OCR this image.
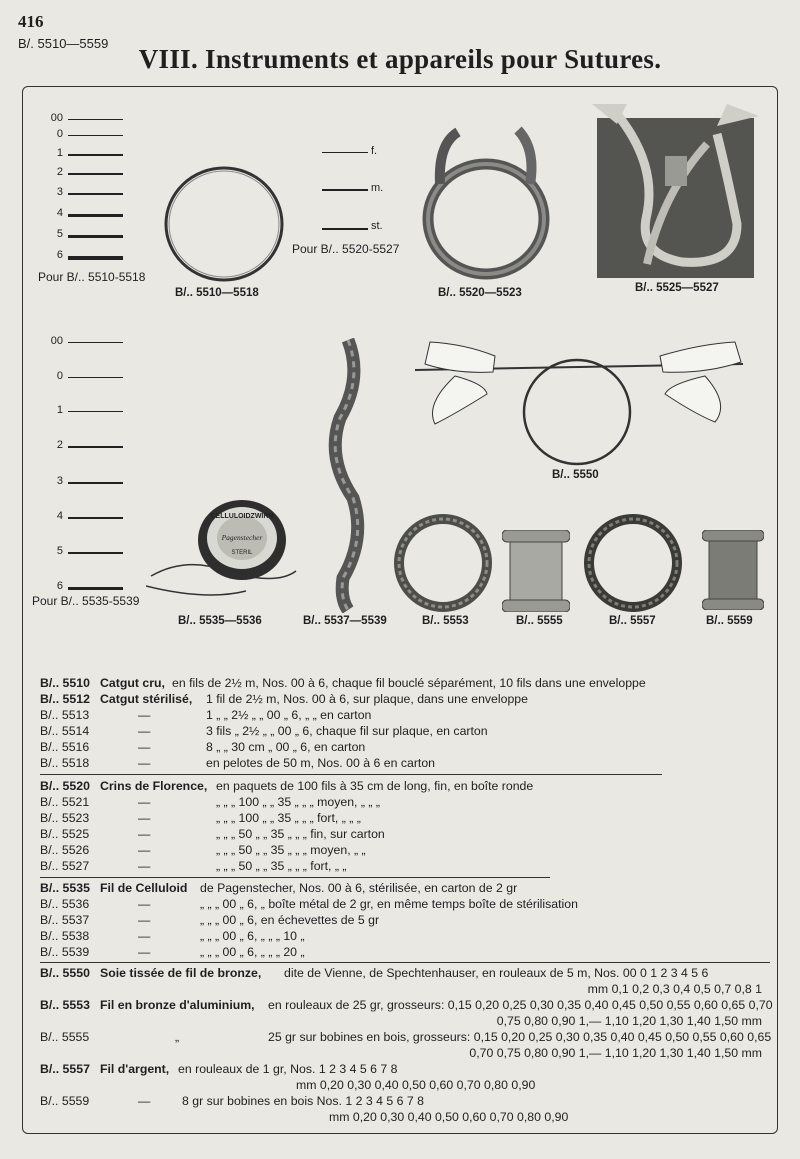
416
B/. 5510—5559
VIII. Instruments et appareils pour Sutures.
00
0
1
2
3
4
5
6
Pour B/.. 5510-5518
f.
m.
st.
Pour B/.. 5520-5527
B/.. 5510—5518	B/.. 5520—5523	B/.. 5525—5527
00
0
1
2
3
4
5
6
Pour B/.. 5535-5539
B/.. 5550
CELLULOIDZWIRN
Pagenstecher
STERIL
B/.. 5535—5536	B/.. 5537—5539	B/.. 5553	B/.. 5555	B/.. 5557	B/.. 5559
B/.. 5510 Catgut cru, en fils de 2½ m, Nos. 00 à 6, chaque fil bouclé séparément, 10 fils dans une enveloppe
B/.. 5512 Catgut stérilisé, 1 fil de 2½ m, Nos. 00 à 6, sur plaque, dans une enveloppe
B/.. 5513	—	1 „ „ 2½ „ „ 00 „ 6, „ „ en carton
B/.. 5514	—	3 fils „ 2½ „ „ 00 „ 6, chaque fil sur plaque, en carton
B/.. 5516	—	8 „ „ 30 cm „ 00 „ 6, en carton
B/.. 5518	—	en pelotes de 50 m, Nos. 00 à 6 en carton
B/.. 5520 Crins de Florence, en paquets de 100 fils à 35 cm de long, fin, en boîte ronde
B/.. 5521	—	„ „ „ 100 „ „ 35 „ „ „ moyen, „ „ „
B/.. 5523	—	„ „ „ 100 „ „ 35 „ „ „ fort, „ „ „
B/.. 5525	—	„ „ „ 50 „ „ 35 „ „ „ fin, sur carton
B/.. 5526	—	„ „ „ 50 „ „ 35 „ „ „ moyen, „ „
B/.. 5527	—	„ „ „ 50 „ „ 35 „ „ „ fort, „ „
B/.. 5535 Fil de Celluloid de Pagenstecher, Nos. 00 à 6, stérilisée, en carton de 2 gr
B/.. 5536	—	„ „ „ 00 „ 6, „ boîte métal de 2 gr, en même temps boîte de stérilisation
B/.. 5537	—	„ „ „ 00 „ 6, en échevettes de 5 gr
B/.. 5538	—	„ „ „ 00 „ 6, „ „ „ 10 „
B/.. 5539	—	„ „ „ 00 „ 6, „ „ „ 20 „
B/.. 5550 Soie tissée de fil de bronze, dite de Vienne, de Spechtenhauser, en rouleaux de 5 m, Nos. 00 0 1 2 3 4 5 6
mm 0,1 0,2 0,3 0,4 0,5 0,7 0,8 1
B/.. 5553 Fil en bronze d'aluminium, en rouleaux de 25 gr, grosseurs: 0,15 0,20 0,25 0,30 0,35 0,40 0,45 0,50 0,55 0,60 0,65 0,70
0,75 0,80 0,90 1,— 1,10 1,20 1,30 1,40 1,50 mm
B/.. 5555	„	25 gr sur bobines en bois, grosseurs: 0,15 0,20 0,25 0,30 0,35 0,40 0,45 0,50 0,55 0,60 0,65
0,70 0,75 0,80 0,90 1,— 1,10 1,20 1,30 1,40 1,50 mm
B/.. 5557 Fil d'argent, en rouleaux de 1 gr, Nos. 1 2 3 4 5 6 7 8
mm 0,20 0,30 0,40 0,50 0,60 0,70 0,80 0,90
B/.. 5559	—	8 gr sur bobines en bois Nos. 1 2 3 4 5 6 7 8
mm 0,20 0,30 0,40 0,50 0,60 0,70 0,80 0,90
